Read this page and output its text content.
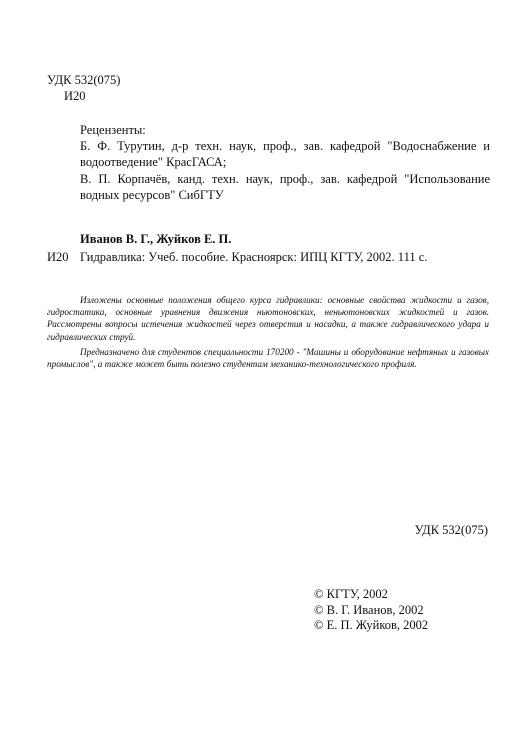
УДК 532(075)
И20
Рецензенты:
Б. Ф. Турутин, д-р техн. наук, проф., зав. кафедрой "Водоснабжение и водоотведение" КрасГАСА;
В. П. Корпачёв, канд. техн. наук, проф., зав. кафедрой "Использование водных ресурсов" СибГТУ
Иванов В. Г., Жуйков Е. П.
И20 Гидравлика: Учеб. пособие. Красноярск: ИПЦ КГТУ, 2002. 111 с.
Изложены основные положения общего курса гидравлики: основные свойства жидкости и газов, гидростатика, основные уравнения движения ньютоновских, неньютоновских жидкостей и газов. Рассмотрены вопросы истечения жидкостей через отверстия и насадки, а также гидравлического удара и гидравлических струй.
Предназначено для студентов специальности 170200 - "Машины и оборудование нефтяных и газовых промыслов", а также может быть полезно студентам механико-технологического профиля.
УДК 532(075)
© КГТУ, 2002
© В. Г. Иванов, 2002
© Е. П. Жуйков, 2002
